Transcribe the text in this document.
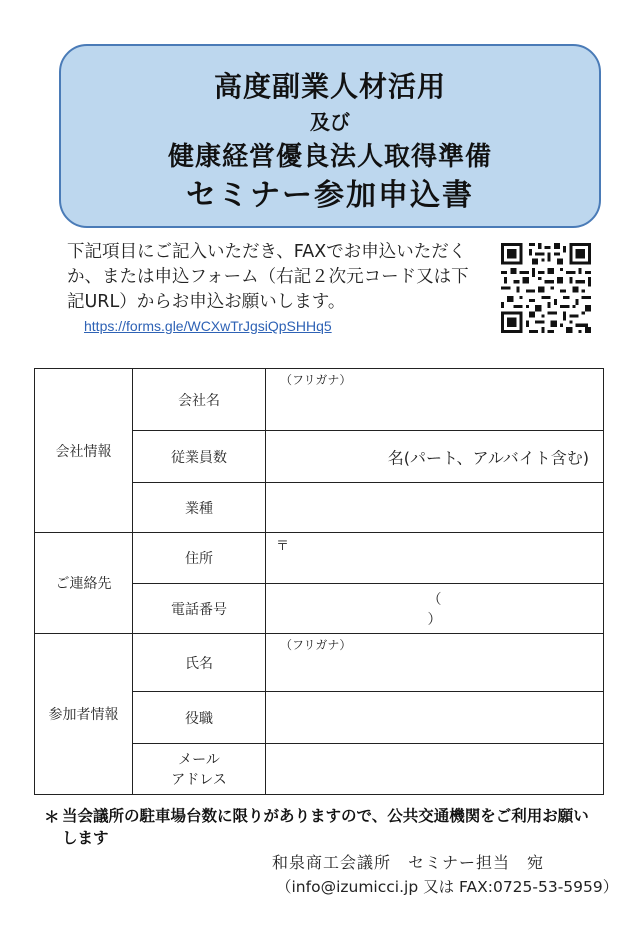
高度副業人材活用
及び
健康経営優良法人取得準備
セミナー参加申込書
下記項目にご記入いただき、FAXでお申込いただくか、または申込フォーム（右記２次元コード又は下記URL）からお申込お願いします。
https://forms.gle/WCXwTrJgsiQpSHHq5
会社情報	会社名	（フリガナ）

	従業員数	名(パート、アルバイト含む)

	業種	
ご連絡先	住所	〒

	電話番号	（ ）

参加者情報	氏名	（フリガナ）

	役職	

	メール
アドレス	

＊ 当会議所の駐車場台数に限りがありますので、公共交通機関をご利用お願いします
和泉商工会議所　セミナー担当　宛
（info@izumicci.jp 又は FAX:0725-53-5959）
